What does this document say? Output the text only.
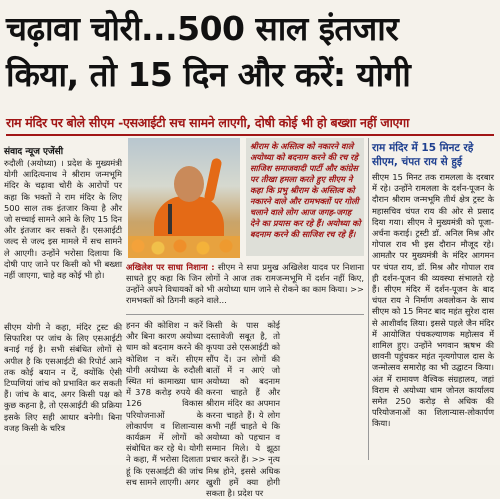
चढ़ावा चोरी...500 साल इंतजार
किया, तो 15 दिन और करें: योगी
राम मंदिर पर बोले सीएम -एसआईटी सच सामने लाएगी, दोषी कोई भी हो बख्शा नहीं जाएगा
संवाद न्यूज एजेंसी
रुदौली (अयोध्या) । प्रदेश के मुख्यमंत्री योगी आदित्यनाथ ने श्रीराम जन्मभूमि मंदिर के चढ़ावा चोरी के आरोपों पर कहा कि भक्तों ने राम मंदिर के लिए 500 साल तक इंतजार किया है और जो सच्चाई सामने आने के लिए 15 दिन और इंतजार कर सकते हैं। एसआईटी जल्द से जल्द इस मामले में सच सामने ले आएगी। उन्होंने भरोसा दिलाया कि दोषी पाए जाने पर किसी को भी बख्शा नहीं जाएगा, चाहे वह कोई भी हो।
सीएम योगी ने कहा, मंदिर ट्रस्ट की सिफारिश पर जांच के लिए एसआईटी बनाई गई है। सभी संबंधित लोगों से अपील है कि एसआईटी की रिपोर्ट आने तक कोई बयान न दें, क्योंकि ऐसी टिप्पणियां जांच को प्रभावित कर सकती हैं। जांच के बाद, अगर किसी पक्ष को कुछ कहना है, तो एसआईटी की प्रक्रिया इसके लिए सही आधार बनेगी। बिना वजह किसी के चरित्र
श्रीराम के अस्तित्व को नकारने वाले अयोध्या को बदनाम करने की रच रहे साजिश समाजवादी पार्टी और कांग्रेस पर तीखा हमला करते हुए सीएम ने कहा कि प्रभु श्रीराम के अस्तित्व को नकारने वाले और रामभक्तों पर गोली चलाने वाले लोग आज जगह-जगह देने का प्रयास कर रहे हैं। अयोध्या को बदनाम करने की साजिश रच रहे हैं।
राम मंदिर में 15 मिनट रहे सीएम, चंपत राय से हुई
सीएम 15 मिनट तक रामलला के दरबार में रहे। उन्होंने रामलला के दर्शन-पूजन के दौरान श्रीराम जन्मभूमि तीर्थ क्षेत्र ट्रस्ट के महासचिव चंपत राय की ओर से प्रसाद दिया गया। सीएम ने मुख्यमंत्री को पूजा-अर्चना कराई। ट्रस्टी डॉ. अनिल मिश्र और गोपाल राव भी इस दौरान मौजूद रहे। आमतौर पर मुख्यमंत्री के मंदिर आगमन पर चंपत राय, डॉ. मिश्र और गोपाल राव ही दर्शन-पूजन की व्यवस्था संभालते रहे हैं। सीएम मंदिर में दर्शन-पूजन के बाद चंपत राय ने निर्माण अवलोकन के साथ सीएम को 15 मिनट बाद महंत सुरेश दास से आशीर्वाद लिया। इससे पहले जैन मंदिर में आयोजित पंचकल्याणक महोत्सव में शामिल हुए। उन्होंने भगवान ऋषभ की छावनी पहुंचकर महंत नृत्यगोपाल दास के जन्मोत्सव समारोह का भी उद्घाटन किया। अंत में रामायण वैश्विक संग्रहालय, जहां विराम से अयोध्या धाम जोनल कार्यालय समेत 250 करोड़ से अधिक की परियोजनाओं का शिलान्यास-लोकार्पण किया।
अखिलेश पर साधा निशाना : सीएम ने सपा प्रमुख अखिलेश यादव पर निशाना साधते हुए कहा कि जिन लोगों ने आज तक रामजन्मभूमि में दर्शन नहीं किए, उन्होंने अपने विधायकों को भी अयोध्या धाम जाने से रोकने का काम किया। >> रामभक्तों को ठिगनी कहने वाले...
हनन की कोशिश न करें और बिना कारण अयोध्या धाम को बदनाम करने की कोशिश न करें। सीएम योगी अयोध्या के रुदौली स्थित मां कामाख्या धाम में 378 करोड़ रुपये की 126 विकास परियोजनाओं के लोकार्पण व शिलान्यास कार्यक्रम में लोगों को संबोधित कर रहे थे। योगी ने कहा, मैं भरोसा दिलाता हूं कि एसआईटी की जांच सच सामने लाएगी। अगर
किसी के पास कोई दस्तावेजी सबूत है, तो कृपया उसे एसआईटी को सौंप दें। उन लोगों की बातों में न आएं जो अयोध्या को बदनाम करना चाहते हैं और श्रीराम मंदिर का अपमान करना चाहते हैं। ये लोग कभी नहीं चाहते थे कि अयोध्या को पहचान व सम्मान मिले। ये झूठा प्रचार करते हैं। >> नृत्य मिश्र होने, इससे अधिक खुशी हमें क्या होगी सकता है। प्रदेश पर
